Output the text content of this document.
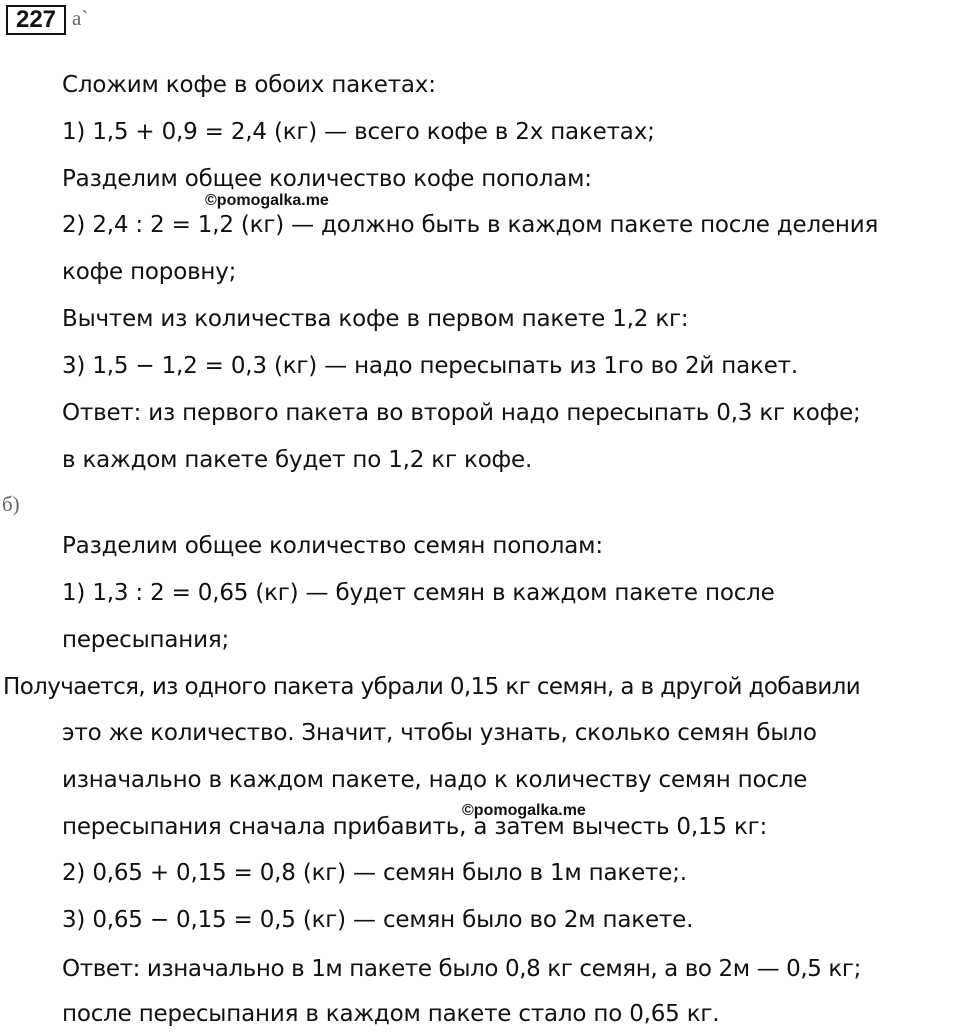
227 а`
Сложим кофе в обоих пакетах:
1) 1,5 + 0,9 = 2,4 (кг) — всего кофе в 2х пакетах;
Разделим общее количество кофе пополам:
©pomogalka.me
2) 2,4 : 2 = 1,2 (кг) — должно быть в каждом пакете после деления
кофе поровну;
Вычтем из количества кофе в первом пакете 1,2 кг:
3) 1,5 − 1,2 = 0,3 (кг) — надо пересыпать из 1го во 2й пакет.
Ответ: из первого пакета во второй надо пересыпать 0,3 кг кофе;
в каждом пакете будет по 1,2 кг кофе.
б)
Разделим общее количество семян пополам:
1) 1,3 : 2 = 0,65 (кг) — будет семян в каждом пакете после
пересыпания;
Получается, из одного пакета убрали 0,15 кг семян, а в другой добавили
это же количество. Значит, чтобы узнать, сколько семян было
изначально в каждом пакете, надо к количеству семян после
©pomogalka.me
пересыпания сначала прибавить, а затем вычесть 0,15 кг:
2) 0,65 + 0,15 = 0,8 (кг) — семян было в 1м пакете;.
3) 0,65 − 0,15 = 0,5 (кг) — семян было во 2м пакете.
Ответ: изначально в 1м пакете было 0,8 кг семян, а во 2м — 0,5 кг;
после пересыпания в каждом пакете стало по 0,65 кг.
